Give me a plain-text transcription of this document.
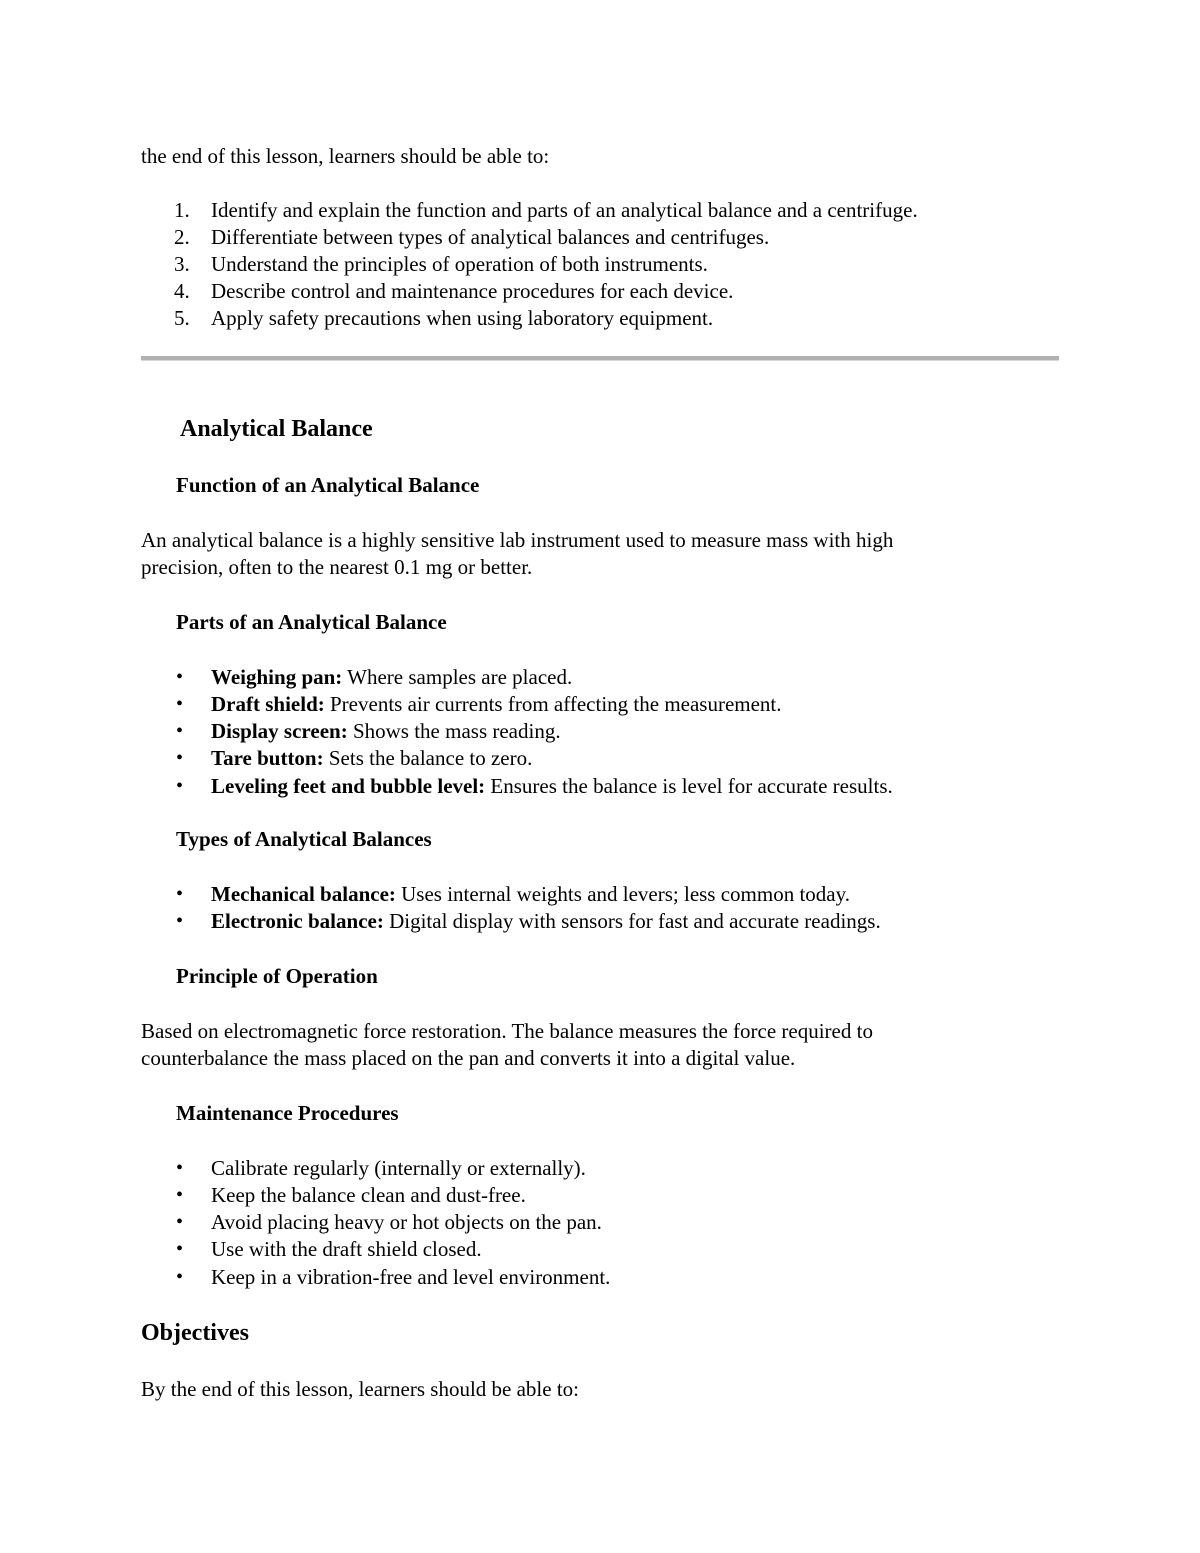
the end of this lesson, learners should be able to:

1. Identify and explain the function and parts of an analytical balance and a centrifuge.
2. Differentiate between types of analytical balances and centrifuges.
3. Understand the principles of operation of both instruments.
4. Describe control and maintenance procedures for each device.
5. Apply safety precautions when using laboratory equipment.
Analytical Balance
Function of an Analytical Balance

An analytical balance is a highly sensitive lab instrument used to measure mass with high

precision, often to the nearest 0.1 mg or better.

Parts of an Analytical Balance
• Weighing pan: Where samples are placed.
• Draft shield: Prevents air currents from affecting the measurement.
• Display screen: Shows the mass reading.
• Tare button: Sets the balance to zero.
• Leveling feet and bubble level: Ensures the balance is level for accurate results.
Types of Analytical Balances
• Mechanical balance: Uses internal weights and levers; less common today.
• Electronic balance: Digital display with sensors for fast and accurate readings.
Principle of Operation

Based on electromagnetic force restoration. The balance measures the force required to

counterbalance the mass placed on the pan and converts it into a digital value.

Maintenance Procedures
• Calibrate regularly (internally or externally).
• Keep the balance clean and dust-free.
• Avoid placing heavy or hot objects on the pan.
• Use with the draft shield closed.
• Keep in a vibration-free and level environment.
Objectives

By the end of this lesson, learners should be able to:
